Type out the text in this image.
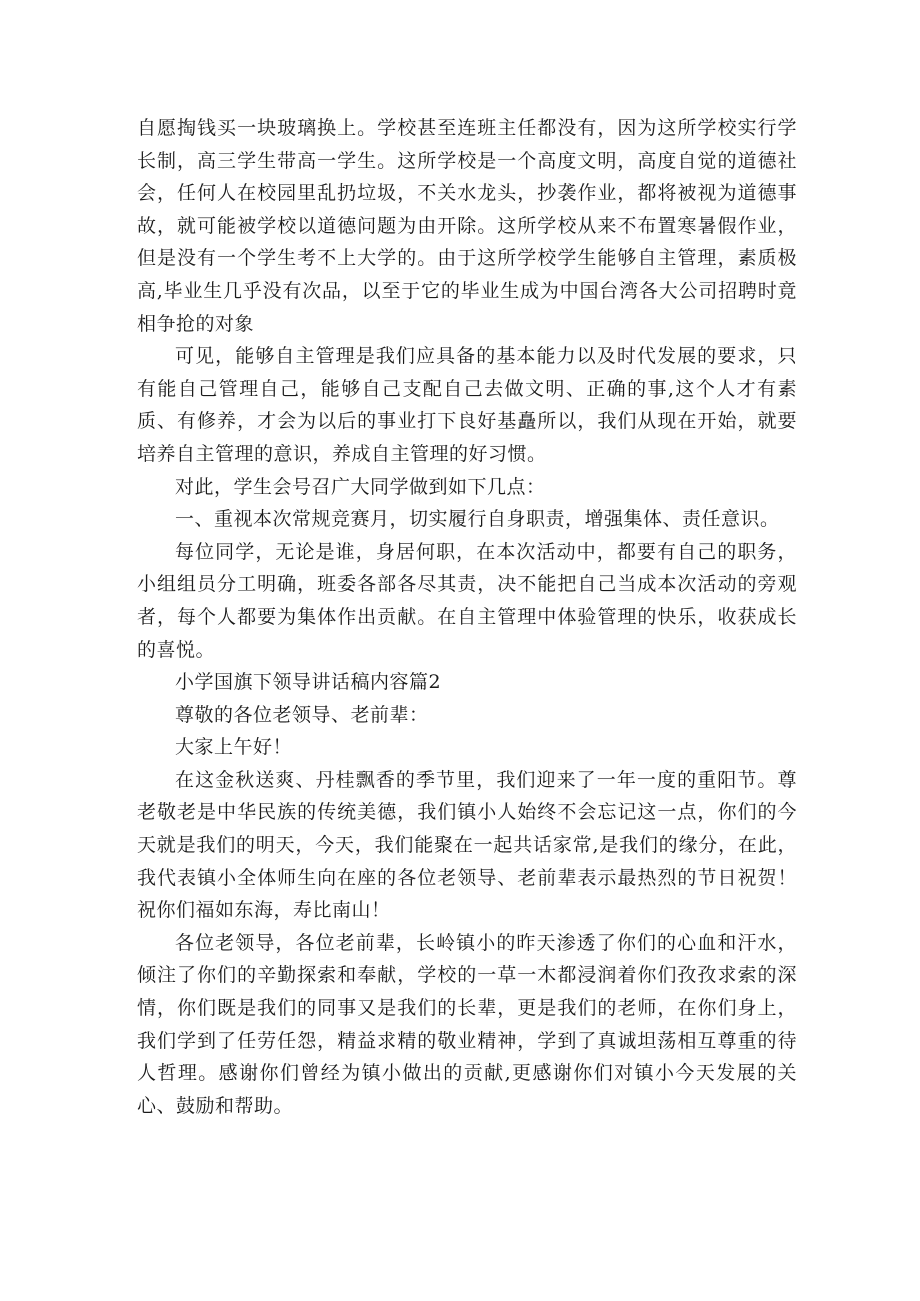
自愿掏钱买一块玻璃换上。学校甚至连班主任都没有，因为这所学校实行学长制，高三学生带高一学生。这所学校是一个高度文明，高度自觉的道德社会，任何人在校园里乱扔垃圾，不关水龙头，抄袭作业，都将被视为道德事故，就可能被学校以道德问题为由开除。这所学校从来不布置寒暑假作业，但是没有一个学生考不上大学的。由于这所学校学生能够自主管理，素质极高,毕业生几乎没有次品，以至于它的毕业生成为中国台湾各大公司招聘时竟相争抢的对象

可见，能够自主管理是我们应具备的基本能力以及时代发展的要求，只有能自己管理自己，能够自己支配自己去做文明、正确的事,这个人才有素质、有修养，才会为以后的事业打下良好基矗所以，我们从现在开始，就要培养自主管理的意识，养成自主管理的好习惯。

对此，学生会号召广大同学做到如下几点：

一、重视本次常规竞赛月，切实履行自身职责，增强集体、责任意识。

每位同学，无论是谁，身居何职，在本次活动中，都要有自己的职务，小组组员分工明确，班委各部各尽其责，决不能把自己当成本次活动的旁观者，每个人都要为集体作出贡献。在自主管理中体验管理的快乐，收获成长的喜悦。

小学国旗下领导讲话稿内容篇2

尊敬的各位老领导、老前辈：

大家上午好！

在这金秋送爽、丹桂飘香的季节里，我们迎来了一年一度的重阳节。尊老敬老是中华民族的传统美德，我们镇小人始终不会忘记这一点，你们的今天就是我们的明天，今天，我们能聚在一起共话家常,是我们的缘分，在此，我代表镇小全体师生向在座的各位老领导、老前辈表示最热烈的节日祝贺！祝你们福如东海，寿比南山！

各位老领导，各位老前辈，长岭镇小的昨天渗透了你们的心血和汗水，倾注了你们的辛勤探索和奉献，学校的一草一木都浸润着你们孜孜求索的深情，你们既是我们的同事又是我们的长辈，更是我们的老师，在你们身上，我们学到了任劳任怨，精益求精的敬业精神，学到了真诚坦荡相互尊重的待人哲理。感谢你们曾经为镇小做出的贡献,更感谢你们对镇小今天发展的关心、鼓励和帮助。
